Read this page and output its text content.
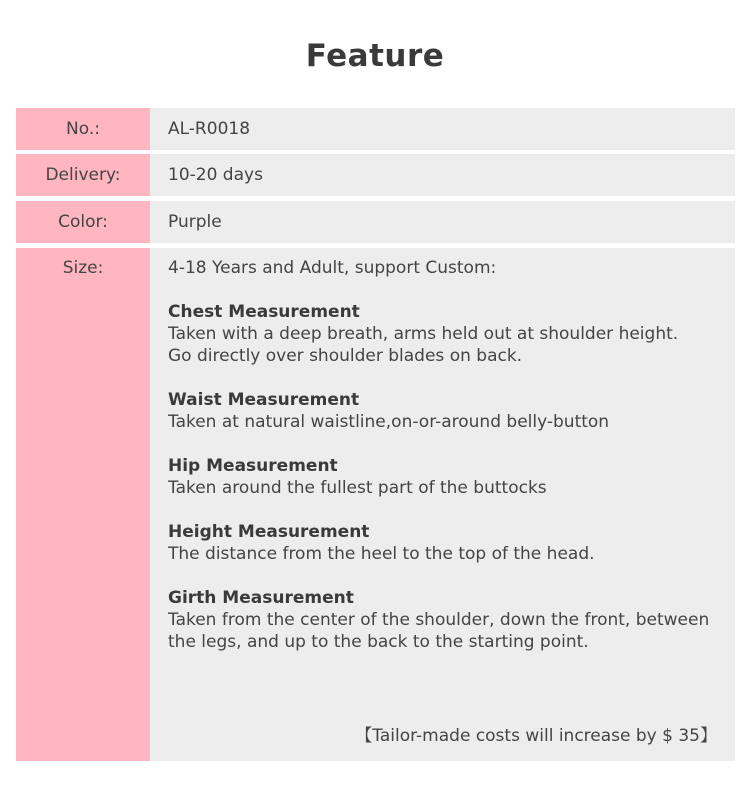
Feature
No.:	AL-R0018
Delivery:	10-20 days
Color:	Purple
Size:	4-18 Years and Adult, support Custom:
Chest Measurement
Taken with a deep breath, arms held out at shoulder height.
Go directly over shoulder blades on back.
Waist Measurement
Taken at natural waistline,on-or-around belly-button
Hip Measurement
Taken around the fullest part of the buttocks
Height Measurement
The distance from the heel to the top of the head.
Girth Measurement
Taken from the center of the shoulder, down the front, between
the legs, and up to the back to the starting point.
【Tailor-made costs will increase by $ 35】
